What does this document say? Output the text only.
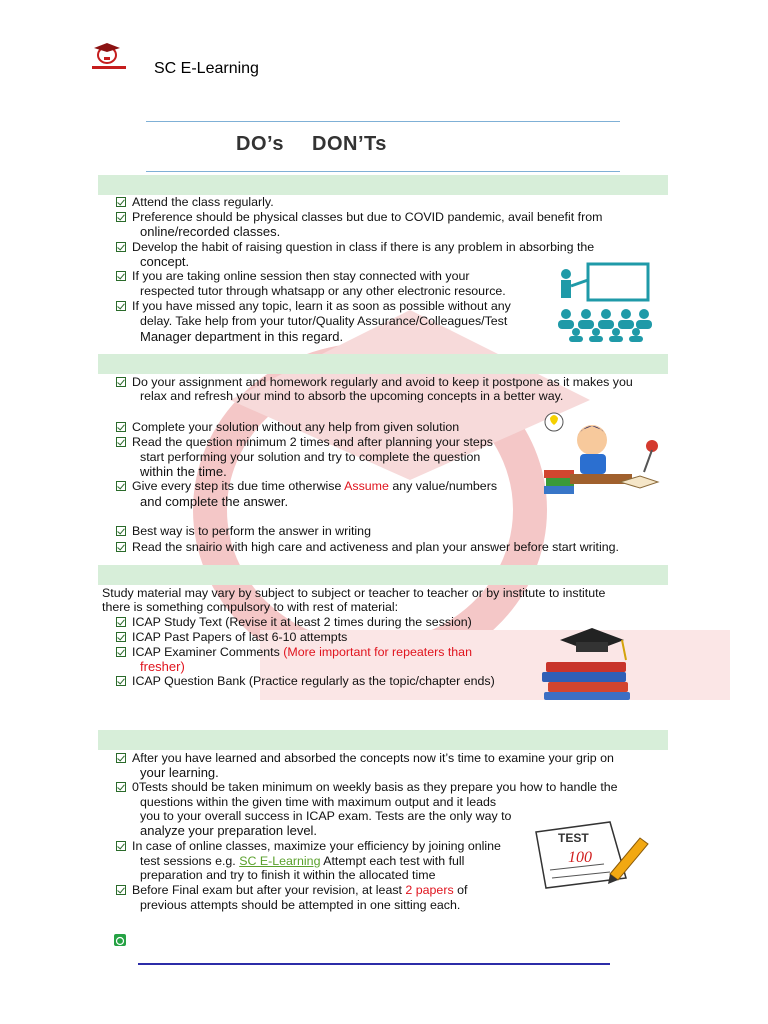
SC E-Learning
DO’s DON’Ts
Attend the class regularly.
Preference should be physical classes but due to COVID pandemic, avail benefit from
online/recorded classes.
Develop the habit of raising question in class if there is any problem in absorbing the
concept.
If you are taking online session then stay connected with your
respected tutor through whatsapp or any other electronic resource.
If you have missed any topic, learn it as soon as possible without any
delay. Take help from your tutor/Quality Assurance/Colleagues/Test
Manager department in this regard.
Do your assignment and homework regularly and avoid to keep it postpone as it makes you
relax and refresh your mind to absorb the upcoming concepts in a better way.
Complete your solution without any help from given solution
Read the question minimum 2 times and after planning your steps
start performing your solution and try to complete the question
within the time.
Give every step its due time otherwise Assume any value/numbers
and complete the answer.
Best way is to perform the answer in writing
Read the snairio with high care and activeness and plan your answer before start writing.
Study material may vary by subject to subject or teacher to teacher or by institute to institute
there is something compulsory to with rest of material:
ICAP Study Text (Revise it at least 2 times during the session)
ICAP Past Papers of last 6-10 attempts
ICAP Examiner Comments (More important for repeaters than
fresher)
ICAP Question Bank (Practice regularly as the topic/chapter ends)
After you have learned and absorbed the concepts now it’s time to examine your grip on
your learning.
0Tests should be taken minimum on weekly basis as they prepare you how to handle the
questions within the given time with maximum output and it leads
you to your overall success in ICAP exam. Tests are the only way to
analyze your preparation level.
In case of online classes, maximize your efficiency by joining online
test sessions e.g. SC E-Learning Attempt each test with full
preparation and try to finish it within the allocated time
Before Final exam but after your revision, at least 2 papers of
previous attempts should be attempted in one sitting each.
TEST
100
